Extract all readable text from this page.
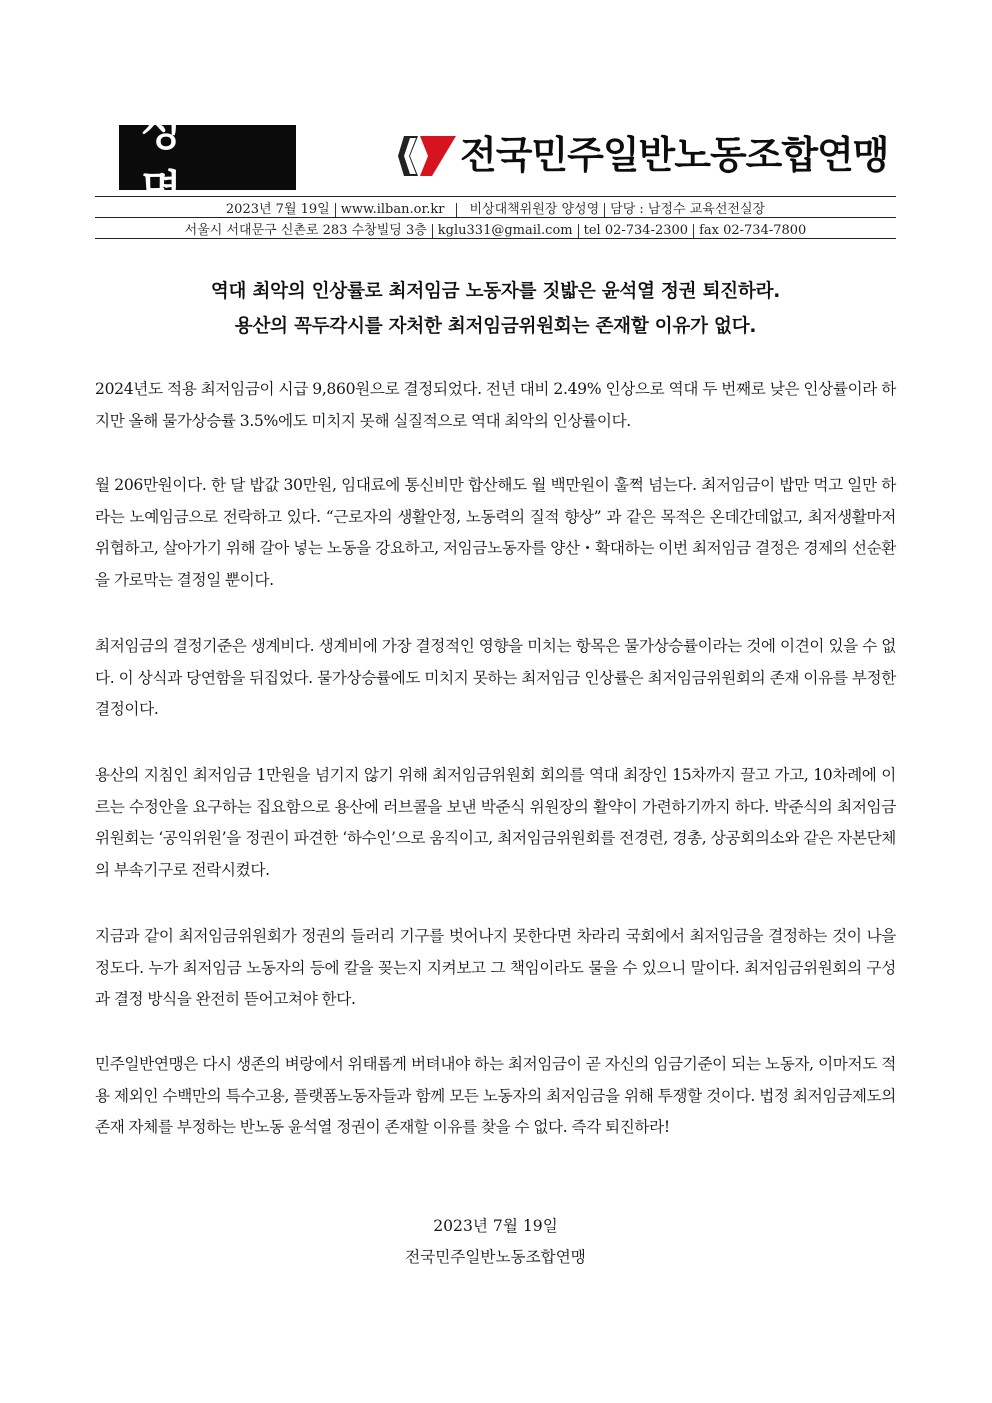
성 명
전국민주일반노동조합연맹
2023년 7월 19일 www.ilban.or.kr 비상대책위원장 양성영 담당 : 남정수 교육선전실장
서울시 서대문구 신촌로 283 수창빌딩 3층 kglu331@gmail.com tel 02-734-2300 fax 02-734-7800
역대 최악의 인상률로 최저임금 노동자를 짓밟은 윤석열 정권 퇴진하라.
용산의 꼭두각시를 자처한 최저임금위원회는 존재할 이유가 없다.

2024년도 적용 최저임금이 시급 9,860원으로 결정되었다. 전년 대비 2.49% 인상으로 역대 두 번째로 낮은 인상률이라 하지만 올해 물가상승률 3.5%에도 미치지 못해 실질적으로 역대 최악의 인상률이다.

월 206만원이다. 한 달 밥값 30만원, 임대료에 통신비만 합산해도 월 백만원이 훌쩍 넘는다. 최저임금이 밥만 먹고 일만 하라는 노예임금으로 전락하고 있다. “근로자의 생활안정, 노동력의 질적 향상” 과 같은 목적은 온데간데없고, 최저생활마저 위협하고, 살아가기 위해 갈아 넣는 노동을 강요하고, 저임금노동자를 양산・확대하는 이번 최저임금 결정은 경제의 선순환을 가로막는 결정일 뿐이다.

최저임금의 결정기준은 생계비다. 생계비에 가장 결정적인 영향을 미치는 항목은 물가상승률이라는 것에 이견이 있을 수 없다. 이 상식과 당연함을 뒤집었다. 물가상승률에도 미치지 못하는 최저임금 인상률은 최저임금위원회의 존재 이유를 부정한 결정이다.

용산의 지침인 최저임금 1만원을 넘기지 않기 위해 최저임금위원회 회의를 역대 최장인 15차까지 끌고 가고, 10차례에 이르는 수정안을 요구하는 집요함으로 용산에 러브콜을 보낸 박준식 위원장의 활약이 가련하기까지 하다. 박준식의 최저임금위원회는 ‘공익위원’을 정권이 파견한 ‘하수인’으로 움직이고, 최저임금위원회를 전경련, 경총, 상공회의소와 같은 자본단체의 부속기구로 전락시켰다.

지금과 같이 최저임금위원회가 정권의 들러리 기구를 벗어나지 못한다면 차라리 국회에서 최저임금을 결정하는 것이 나을 정도다. 누가 최저임금 노동자의 등에 칼을 꽂는지 지켜보고 그 책임이라도 물을 수 있으니 말이다. 최저임금위원회의 구성과 결정 방식을 완전히 뜯어고쳐야 한다.

민주일반연맹은 다시 생존의 벼랑에서 위태롭게 버텨내야 하는 최저임금이 곧 자신의 임금기준이 되는 노동자, 이마저도 적용 제외인 수백만의 특수고용, 플랫폼노동자들과 함께 모든 노동자의 최저임금을 위해 투쟁할 것이다. 법정 최저임금제도의 존재 자체를 부정하는 반노동 윤석열 정권이 존재할 이유를 찾을 수 없다. 즉각 퇴진하라!

2023년 7월 19일
전국민주일반노동조합연맹
